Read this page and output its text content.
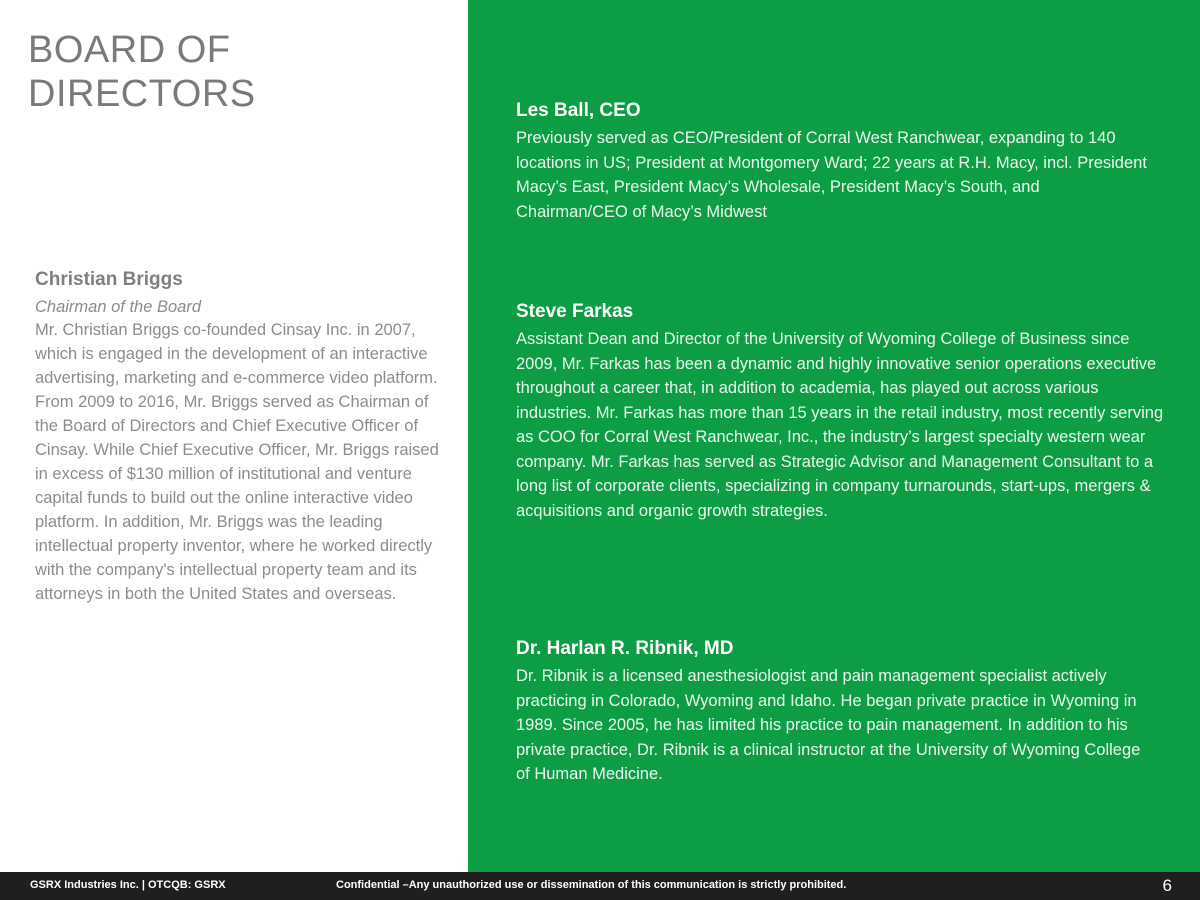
BOARD OF DIRECTORS

Christian Briggs

Chairman of the Board

Mr. Christian Briggs co-founded Cinsay Inc. in 2007, which is engaged in the development of an interactive advertising, marketing and e-commerce video platform. From 2009 to 2016, Mr. Briggs served as Chairman of the Board of Directors and Chief Executive Officer of Cinsay. While Chief Executive Officer, Mr. Briggs raised in excess of $130 million of institutional and venture capital funds to build out the online interactive video platform. In addition, Mr. Briggs was the leading intellectual property inventor, where he worked directly with the company's intellectual property team and its attorneys in both the United States and overseas.

Les Ball, CEO

Previously served as CEO/President of Corral West Ranchwear, expanding to 140 locations in US; President at Montgomery Ward; 22 years at R.H. Macy, incl. President Macy’s East, President Macy’s Wholesale, President Macy’s South, and Chairman/CEO of Macy’s Midwest

Steve Farkas

Assistant Dean and Director of the University of Wyoming College of Business since 2009, Mr. Farkas has been a dynamic and highly innovative senior operations executive throughout a career that, in addition to academia, has played out across various industries. Mr. Farkas has more than 15 years in the retail industry, most recently serving as COO for Corral West Ranchwear, Inc., the industry’s largest specialty western wear company. Mr. Farkas has served as Strategic Advisor and Management Consultant to a long list of corporate clients, specializing in company turnarounds, start-ups, mergers & acquisitions and organic growth strategies.

Dr. Harlan R. Ribnik, MD

Dr. Ribnik is a licensed anesthesiologist and pain management specialist actively practicing in Colorado, Wyoming and Idaho. He began private practice in Wyoming in 1989. Since 2005, he has limited his practice to pain management. In addition to his private practice, Dr. Ribnik is a clinical instructor at the University of Wyoming College of Human Medicine.

GSRX Industries Inc. | OTCQB: GSRX	Confidential –Any unauthorized use or dissemination of this communication is strictly prohibited.	6
